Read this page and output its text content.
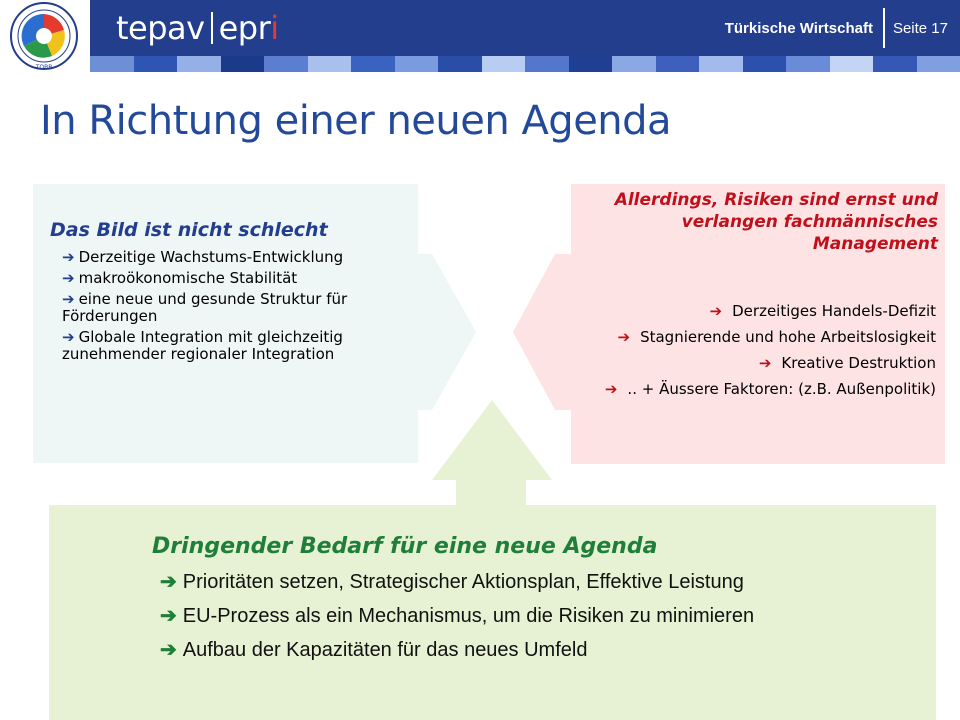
TOBB
tepav epr i	Türkische Wirtschaft Seite 17
In Richtung einer neuen Agenda
Das Bild ist nicht schlecht
➔ Derzeitige Wachstums-Entwicklung
➔ makroökonomische Stabilität
➔ eine neue und gesunde Struktur für Förderungen
➔ Globale Integration mit gleichzeitig zunehmender regionaler Integration
Allerdings, Risiken sind ernst und verlangen fachmännisches Management
➔ Derzeitiges Handels-Defizit
➔ Stagnierende und hohe Arbeitslosigkeit
➔ Kreative Destruktion
➔ .. + Äussere Faktoren: (z.B. Außenpolitik)
Dringender Bedarf für eine neue Agenda
➔ Prioritäten setzen, Strategischer Aktionsplan, Effektive Leistung
➔ EU-Prozess als ein Mechanismus, um die Risiken zu minimieren
➔ Aufbau der Kapazitäten für das neues Umfeld
